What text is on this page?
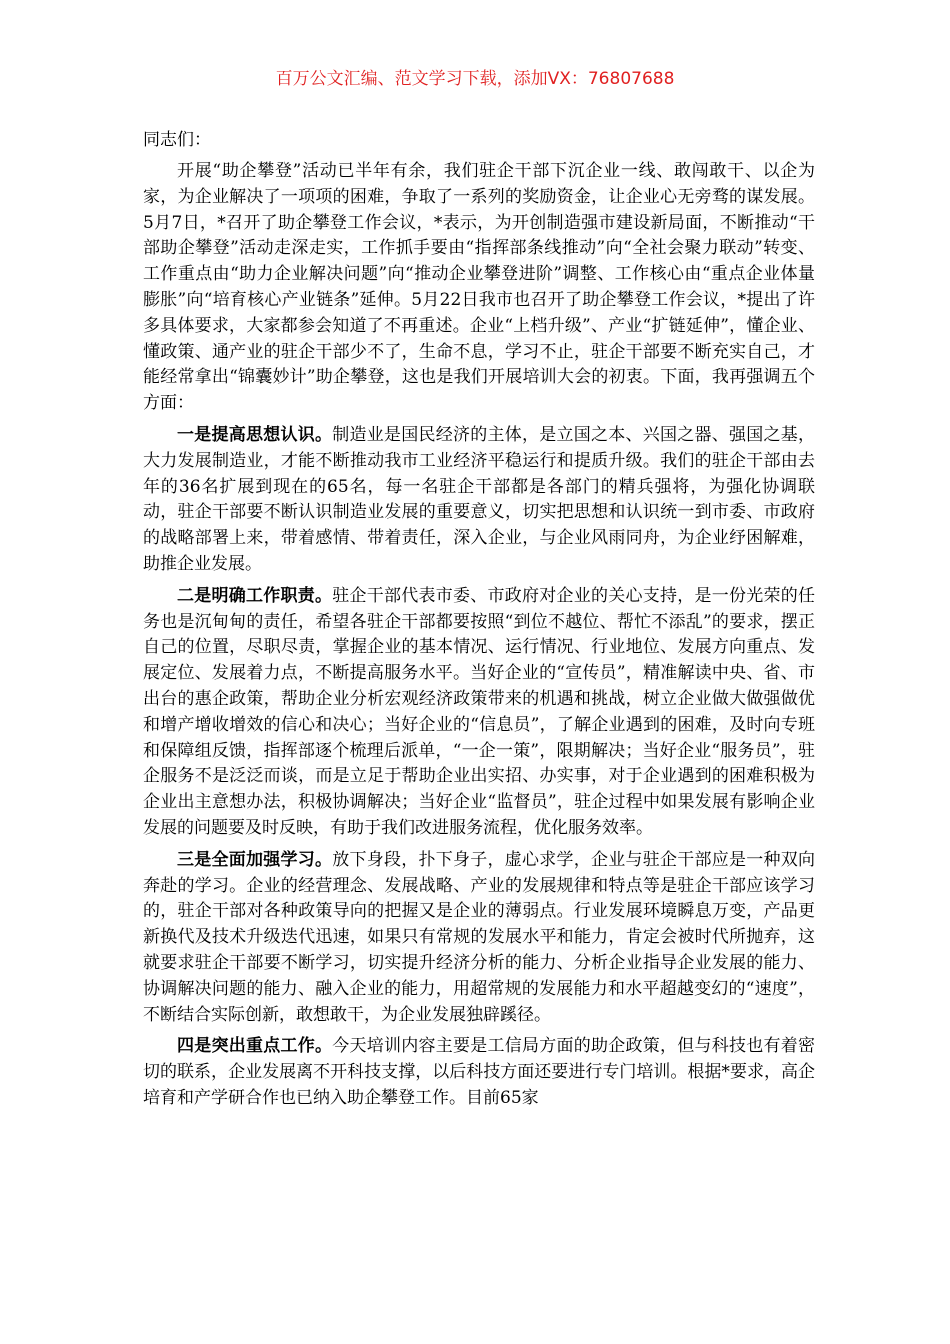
百万公文汇编、范文学习下载，添加VX：76807688

同志们：

开展“助企攀登”活动已半年有余，我们驻企干部下沉企业一线、敢闯敢干、以企为家，为企业解决了一项项的困难，争取了一系列的奖励资金，让企业心无旁骛的谋发展。5月7日，*召开了助企攀登工作会议，*表示，为开创制造强市建设新局面，不断推动“干部助企攀登”活动走深走实，工作抓手要由“指挥部条线推动”向“全社会聚力联动”转变、工作重点由“助力企业解决问题”向“推动企业攀登进阶”调整、工作核心由“重点企业体量膨胀”向“培育核心产业链条”延伸。5月22日我市也召开了助企攀登工作会议，*提出了许多具体要求，大家都参会知道了不再重述。企业“上档升级”、产业“扩链延伸”，懂企业、懂政策、通产业的驻企干部少不了，生命不息，学习不止，驻企干部要不断充实自己，才能经常拿出“锦囊妙计”助企攀登，这也是我们开展培训大会的初衷。下面，我再强调五个方面：

一是提高思想认识。制造业是国民经济的主体，是立国之本、兴国之器、强国之基，大力发展制造业，才能不断推动我市工业经济平稳运行和提质升级。我们的驻企干部由去年的36名扩展到现在的65名，每一名驻企干部都是各部门的精兵强将，为强化协调联动，驻企干部要不断认识制造业发展的重要意义，切实把思想和认识统一到市委、市政府的战略部署上来，带着感情、带着责任，深入企业，与企业风雨同舟，为企业纾困解难，助推企业发展。

二是明确工作职责。驻企干部代表市委、市政府对企业的关心支持，是一份光荣的任务也是沉甸甸的责任，希望各驻企干部都要按照“到位不越位、帮忙不添乱”的要求，摆正自己的位置，尽职尽责，掌握企业的基本情况、运行情况、行业地位、发展方向重点、发展定位、发展着力点，不断提高服务水平。当好企业的“宣传员”，精准解读中央、省、市出台的惠企政策，帮助企业分析宏观经济政策带来的机遇和挑战，树立企业做大做强做优和增产增收增效的信心和决心；当好企业的“信息员”，了解企业遇到的困难，及时向专班和保障组反馈，指挥部逐个梳理后派单，“一企一策”，限期解决；当好企业“服务员”，驻企服务不是泛泛而谈，而是立足于帮助企业出实招、办实事，对于企业遇到的困难积极为企业出主意想办法，积极协调解决；当好企业“监督员”，驻企过程中如果发展有影响企业发展的问题要及时反映，有助于我们改进服务流程，优化服务效率。

三是全面加强学习。放下身段，扑下身子，虚心求学，企业与驻企干部应是一种双向奔赴的学习。企业的经营理念、发展战略、产业的发展规律和特点等是驻企干部应该学习的，驻企干部对各种政策导向的把握又是企业的薄弱点。行业发展环境瞬息万变，产品更新换代及技术升级迭代迅速，如果只有常规的发展水平和能力，肯定会被时代所抛弃，这就要求驻企干部要不断学习，切实提升经济分析的能力、分析企业指导企业发展的能力、协调解决问题的能力、融入企业的能力，用超常规的发展能力和水平超越变幻的“速度”，不断结合实际创新，敢想敢干，为企业发展独辟蹊径。

四是突出重点工作。今天培训内容主要是工信局方面的助企政策，但与科技也有着密切的联系，企业发展离不开科技支撑，以后科技方面还要进行专门培训。根据*要求，高企培育和产学研合作也已纳入助企攀登工作。目前65家
